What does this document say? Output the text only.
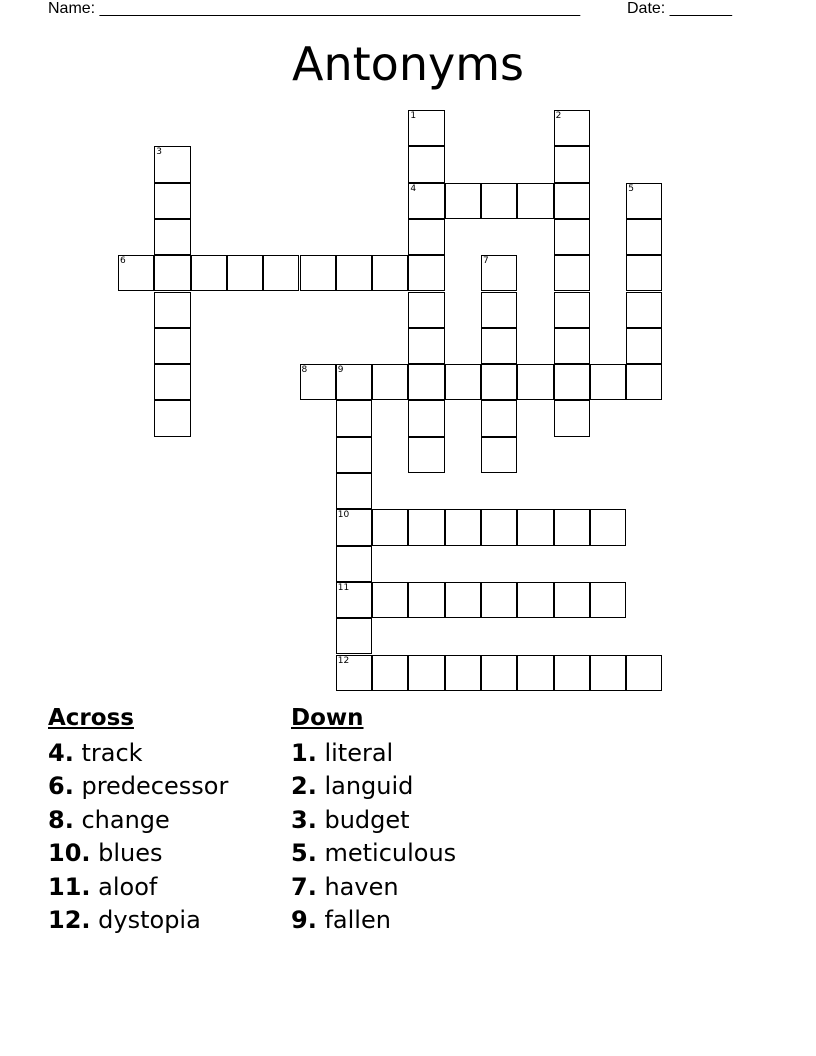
Name: ______________________________________________________	Date: _______
Antonyms
1	2
3
4	5
6	7
8	9
10
11
12
Across
4. track
6. predecessor
8. change
10. blues
11. aloof
12. dystopia
Down
1. literal
2. languid
3. budget
5. meticulous
7. haven
9. fallen
